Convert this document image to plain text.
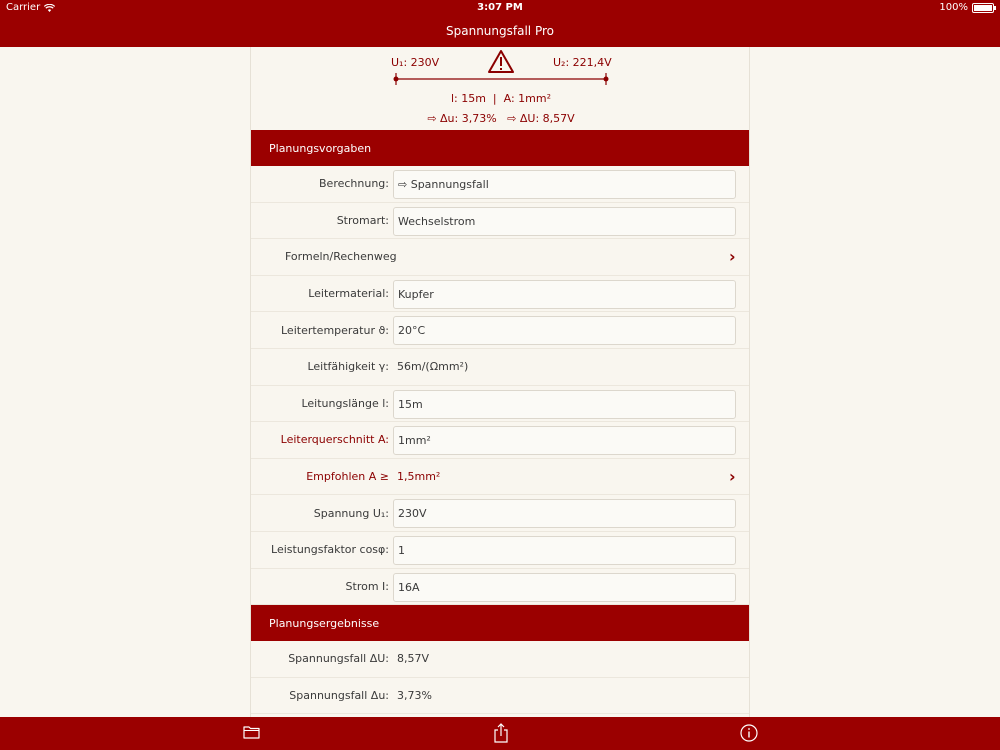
Carrier	3:07 PM	100%
Spannungsfall Pro
U₁: 230V	U₂: 221,4V
l: 15m  |  A: 1mm²
⇨ Δu: 3,73%   ⇨ ΔU: 8,57V
Planungsvorgaben
Berechnung: ⇨ Spannungsfall
Stromart: Wechselstrom
Formeln/Rechenweg	›
Leitermaterial: Kupfer
Leitertemperatur ϑ: 20°C
Leitfähigkeit γ: 56m/(Ωmm²)
Leitungslänge l: 15m
Leiterquerschnitt A: 1mm²
Empfohlen A ≥ 1,5mm²	›
Spannung U₁: 230V
Leistungsfaktor cosφ: 1
Strom I: 16A
Planungsergebnisse
Spannungsfall ΔU: 8,57V
Spannungsfall Δu: 3,73%
